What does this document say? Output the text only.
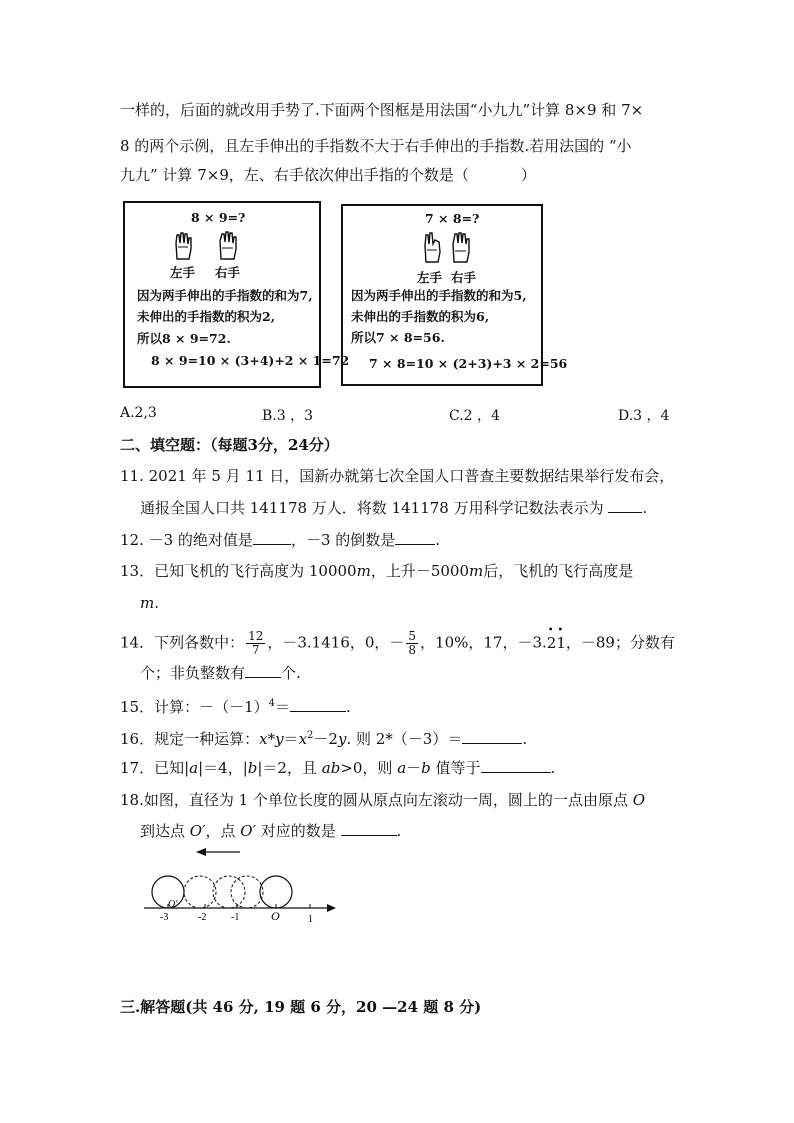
一样的，后面的就改用手势了.下面两个图框是用法国“小九九”计算 8×9 和 7×
8 的两个示例，且左手伸出的手指数不大于右手伸出的手指数.若用法国的 “小
九九” 计算 7×9，左、右手依次伸出手指的个数是（	）
8 × 9=?
左手 右手
因为两手伸出的手指数的和为7,
未伸出的手指数的积为2,
所以8 × 9=72.
8 × 9=10 × (3+4)+2 × 1=72
7 × 8=?
左手 右手
因为两手伸出的手指数的和为5,
未伸出的手指数的积为6,
所以7 × 8=56.
7 × 8=10 × (2+3)+3 × 2=56
A.2,3	B.3 ，3	C.2 ，4	D.3 ，4
二、填空题：（每题3分，24分）
11. 2021 年 5 月 11 日，国新办就第七次全国人口普查主要数据结果举行发布会，
通报全国人口共 141178 万人．将数 141178 万用科学记数法表示为 .
12. －3 的绝对值是	，－3 的倒数是	.
13．已知飞机的飞行高度为 10000m，上升－5000m后，飞机的飞行高度是
m.
14．下列各数中： $\frac{12}{7}$ ，－3.1416，0，－ $\frac{5}{8}$ ，10%，17，－3.• 2• 1，－89；分数有
个；非负整数有 个.
15．计算：$-(-1)^4=$	.
16．规定一种运算：$x*y=x^2-2y$. 则 2*（－3）＝	.
17．已知|a|＝4，|b|＝2，且 ab>0，则 a－b 值等于	.
18.如图，直径为 1 个单位长度的圆从原点向左滚动一周，圆上的一点由原点 O
到达点 O′，点 O′ 对应的数是	.
-3	-2 -1	O	1
O′
三.解答题(共 46 分, 19 题 6 分，20 —24 题 8 分)
